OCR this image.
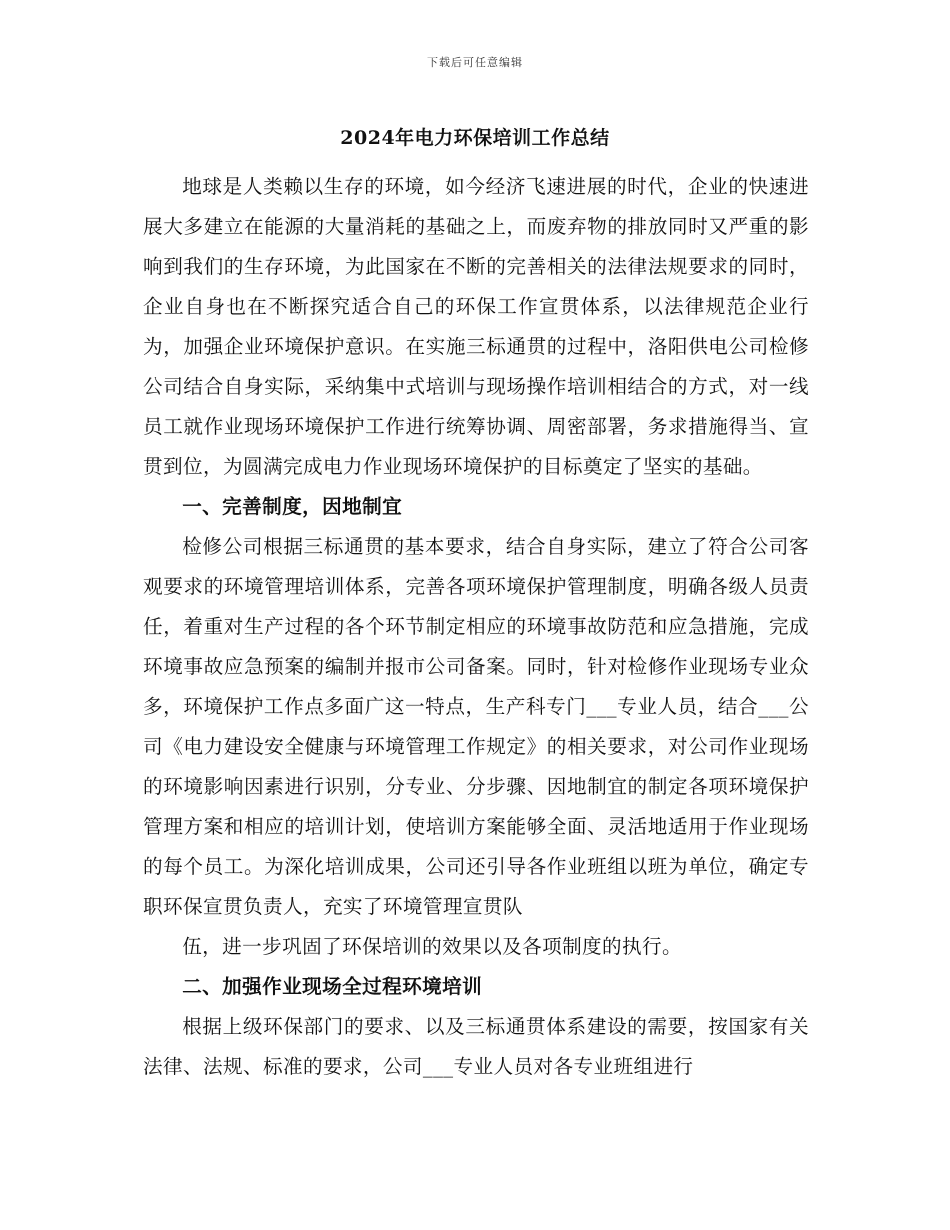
下载后可任意编辑
2024年电力环保培训工作总结

地球是人类赖以生存的环境，如今经济飞速进展的时代，企业的快速进展大多建立在能源的大量消耗的基础之上，而废弃物的排放同时又严重的影响到我们的生存环境，为此国家在不断的完善相关的法律法规要求的同时，企业自身也在不断探究适合自己的环保工作宣贯体系，以法律规范企业行为，加强企业环境保护意识。在实施三标通贯的过程中，洛阳供电公司检修公司结合自身实际，采纳集中式培训与现场操作培训相结合的方式，对一线员工就作业现场环境保护工作进行统筹协调、周密部署，务求措施得当、宣贯到位，为圆满完成电力作业现场环境保护的目标奠定了坚实的基础。

一、完善制度，因地制宜

检修公司根据三标通贯的基本要求，结合自身实际，建立了符合公司客观要求的环境管理培训体系，完善各项环境保护管理制度，明确各级人员责任，着重对生产过程的各个环节制定相应的环境事故防范和应急措施，完成环境事故应急预案的编制并报市公司备案。同时，针对检修作业现场专业众多，环境保护工作点多面广这一特点，生产科专门___专业人员，结合___公司《电力建设安全健康与环境管理工作规定》的相关要求，对公司作业现场的环境影响因素进行识别，分专业、分步骤、因地制宜的制定各项环境保护管理方案和相应的培训计划，使培训方案能够全面、灵活地适用于作业现场的每个员工。为深化培训成果，公司还引导各作业班组以班为单位，确定专职环保宣贯负责人，充实了环境管理宣贯队

伍，进一步巩固了环保培训的效果以及各项制度的执行。

二、加强作业现场全过程环境培训

根据上级环保部门的要求、以及三标通贯体系建设的需要，按国家有关法律、法规、标准的要求，公司___专业人员对各专业班组进行
